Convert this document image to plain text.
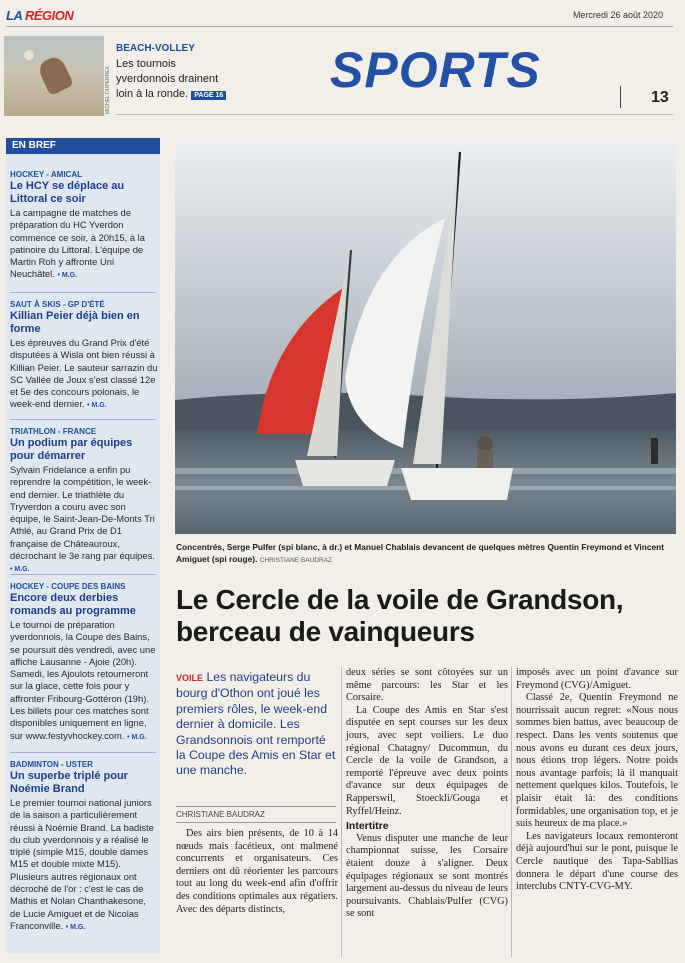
LA RÉGION	Mercredi 26 août 2020
MICHEL DUPERREX
BEACH-VOLLEY
Les tournois yverdonnois drainent loin à la ronde. PAGE 16 SPORTS	13
EN BREF
HOCKEY - AMICAL
Le HCY se déplace au Littoral ce soir
La campagne de matches de préparation du HC Yverdon commence ce soir, à 20h15, à la patinoire du Littoral. L'équipe de Martin Roh y affronte Uni Neuchâtel. • M.G.
SAUT À SKIS - GP D'ÉTÉ
Killian Peier déjà bien en forme
Les épreuves du Grand Prix d'été disputées à Wisla ont bien réussi à Killian Peier. Le sauteur sarrazin du SC Vallée de Joux s'est classé 12e et 5e des concours polonais, le week-end dernier. • M.G.
TRIATHLON - FRANCE
Un podium par équipes pour démarrer
Sylvain Fridelance a enfin pu reprendre la compétition, le week-end dernier. Le triathlète du Tryverdon a couru avec son équipe, le Saint-Jean-De-Monts Tri Athlé, au Grand Prix de D1 française de Châteauroux, décrochant le 3e rang par équipes. • M.G.
HOCKEY - COUPE DES BAINS
Encore deux derbies romands au programme
Le tournoi de préparation yverdonnois, la Coupe des Bains, se poursuit dès vendredi, avec une affiche Lausanne - Ajoie (20h). Samedi, les Ajoulots retourneront sur la glace, cette fois pour y affronter Fribourg-Gottéron (19h). Les billets pour ces matches sont disponibles uniquement en ligne, sur www.festyvhockey.com. • M.G.
BADMINTON - USTER
Un superbe triplé pour Noémie Brand
Le premier tournoi national juniors de la saison a particulièrement réussi à Noémie Brand. La badiste du club yverdonnois y a réalisé le triplé (simple M15, double dames M15 et double mixte M15). Plusieurs autres régionaux ont décroché de l'or : c'est le cas de Mathis et Nolan Chanthakesone, de Lucie Amiguet et de Nicolas Franconville. • M.G.
Concentrés, Serge Pulfer (spi blanc, à dr.) et Manuel Chablais devancent de quelques mètres Quentin Freymond et Vincent Amiguet (spi rouge). CHRISTIANE BAUDRAZ
Le Cercle de la voile de Grandson, berceau de vainqueurs
VOILE Les navigateurs du bourg d'Othon ont joué les premiers rôles, le week-end dernier à domicile. Les Grandsonnois ont remporté la Coupe des Amis en Star et une manche.
CHRISTIANE BAUDRAZ

Des airs bien présents, de 10 à 14 nœuds mais facétieux, ont malmené concurrents et organisateurs. Ces derniers ont dû réorienter les parcours tout au long du week-end afin d'offrir des conditions optimales aux régatiers. Avec des départs distincts,

deux séries se sont côtoyées sur un même parcours: les Star et les Corsaire.

La Coupe des Amis en Star s'est disputée en sept courses sur les deux jours, avec sept voiliers. Le duo régional Chatagny/ Ducommun, du Cercle de la voile de Grandson, a remporté l'épreuve avec deux points d'avance sur deux équipages de Rapperswil, Stoeckli/Gouga et Ryffel/Heinz.

Intertitre

Venus disputer une manche de leur championnat suisse, les Corsaire étaient douze à s'aligner. Deux équipages régionaux se sont montrés largement au-dessus du niveau de leurs poursuivants. Chablais/Pulfer (CVG) se sont

imposés avec un point d'avance sur Freymond (CVG)/Amiguet.

Classé 2e, Quentin Freymond ne nourrissait aucun regret: «Nous nous sommes bien battus, avec beaucoup de respect. Dans les vents soutenus que nous avons eu durant ces deux jours, nous étions trop légers. Notre poids nous avantage parfois; là il manquait nettement quelques kilos. Toutefois, le plaisir était là: des conditions formidables, une organisation top, et je suis heureux de ma place.»

Les navigateurs locaux remonteront déjà aujourd'hui sur le pont, puisque le Cercle nautique des Tapa-Sabllias donnera le départ d'une course des interclubs CNTY-CVG-MY.
